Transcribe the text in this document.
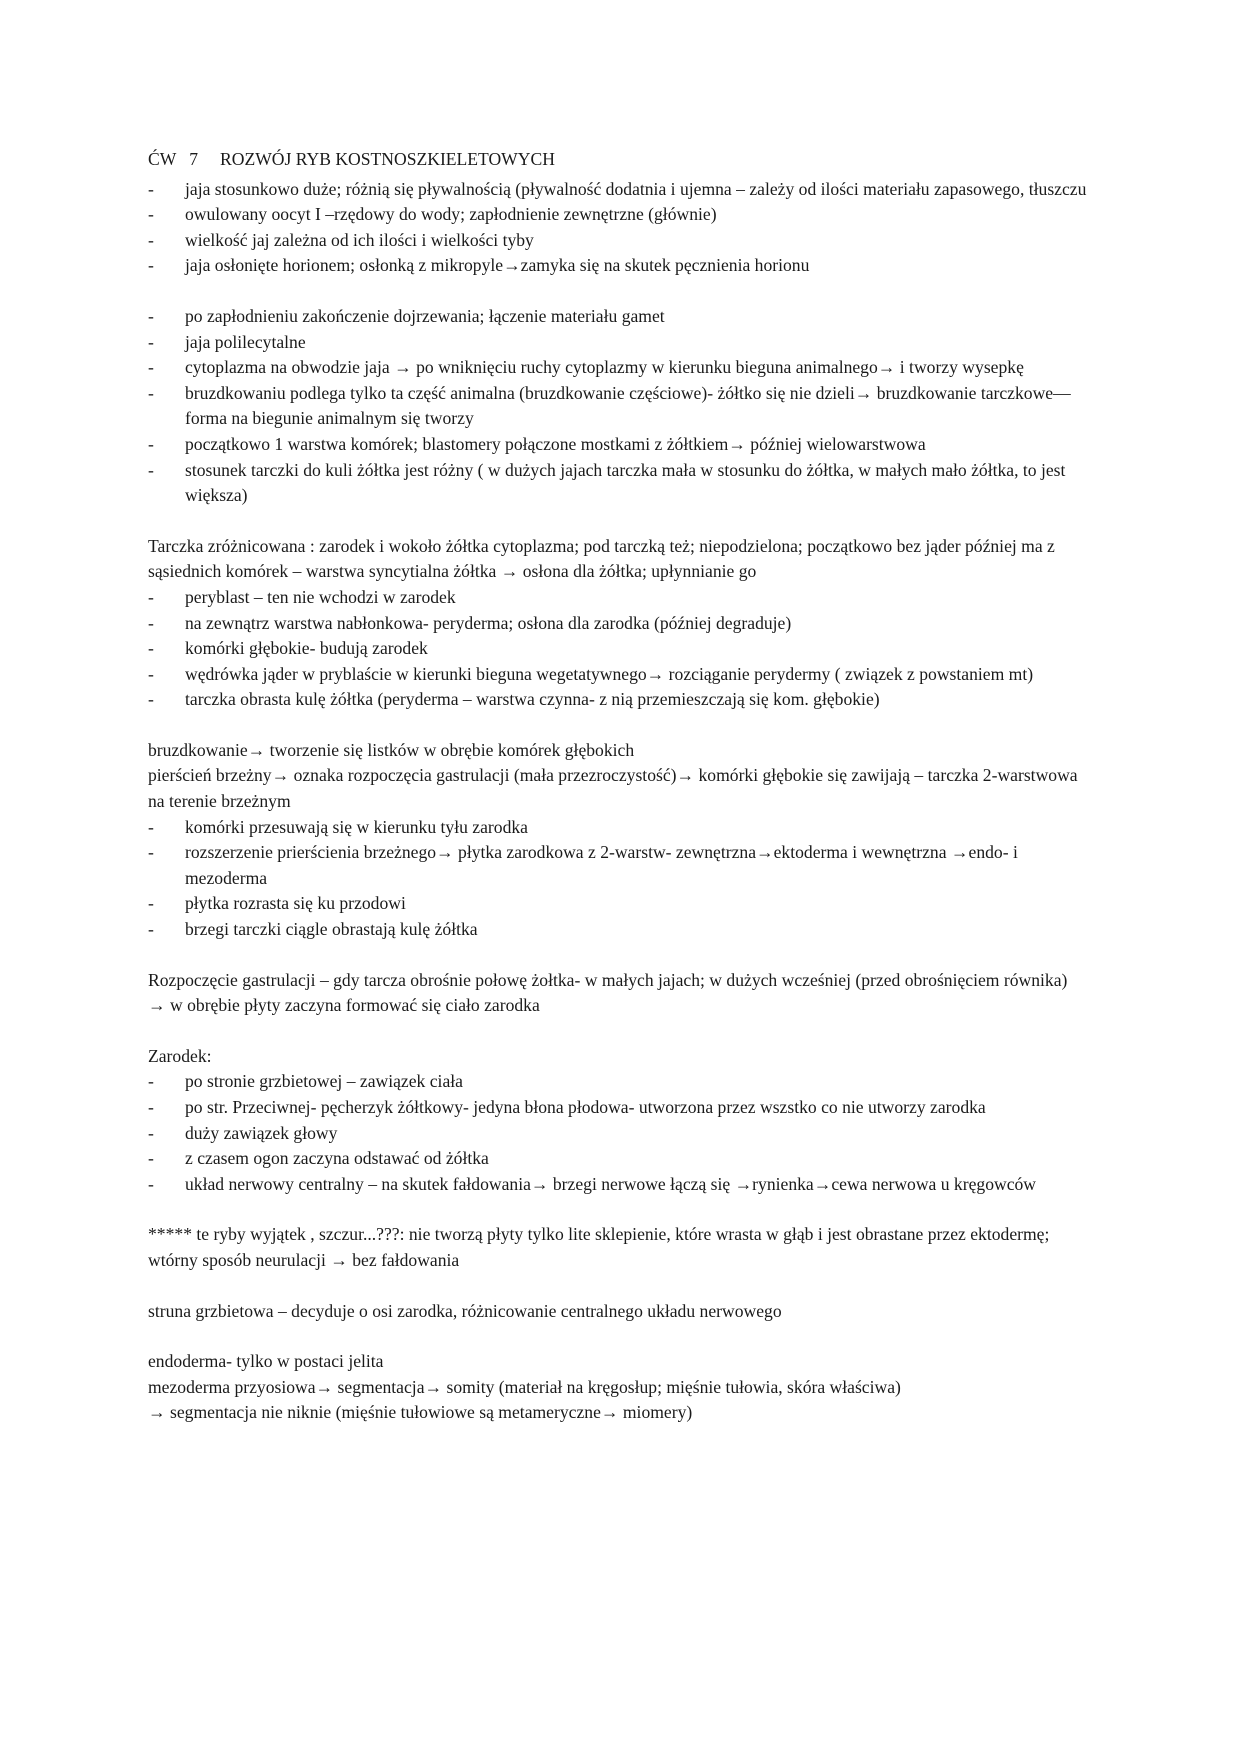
ĆW   7     ROZWÓJ RYB KOSTNOSZKIELETOWYCH
-	jaja stosunkowo duże; różnią się pływalnością (pływalność dodatnia i ujemna – zależy od ilości materiału zapasowego, tłuszczu
-	owulowany oocyt I –rzędowy do wody; zapłodnienie zewnętrzne (głównie)
-	wielkość jaj zależna od ich ilości i wielkości tyby
-	jaja osłonięte horionem; osłonką z mikropyle→zamyka się na skutek pęcznienia horionu
-	po zapłodnieniu zakończenie dojrzewania; łączenie materiału gamet
-	jaja polilecytalne
-	cytoplazma na obwodzie jaja → po wniknięciu ruchy cytoplazmy w kierunku bieguna animalnego→ i tworzy wysepkę
-	bruzdkowaniu podlega tylko ta część animalna (bruzdkowanie częściowe)- żółtko się nie dzieli→ bruzdkowanie tarczkowe—forma na biegunie animalnym się tworzy
-	początkowo 1 warstwa komórek; blastomery połączone mostkami z żółtkiem→ później wielowarstwowa
-	stosunek tarczki do kuli żółtka jest różny ( w dużych jajach tarczka mała w stosunku do żółtka, w małych mało żółtka, to jest większa)

Tarczka zróżnicowana : zarodek i wokoło żółtka cytoplazma; pod tarczką też; niepodzielona; początkowo bez jąder później ma z sąsiednich komórek – warstwa syncytialna żółtka → osłona dla żółtka; upłynnianie go

-	peryblast – ten nie wchodzi w zarodek
-	na zewnątrz warstwa nabłonkowa- peryderma; osłona dla zarodka (później degraduje)
-	komórki głębokie- budują zarodek
-	wędrówka jąder w pryblaście w kierunki bieguna wegetatywnego→ rozciąganie perydermy ( związek z powstaniem mt)
-	tarczka obrasta kulę żółtka (peryderma – warstwa czynna- z nią przemieszczają się kom. głębokie)

bruzdkowanie→ tworzenie się listków w obrębie komórek głębokich

pierścień brzeżny→ oznaka rozpoczęcia gastrulacji (mała przezroczystość)→ komórki głębokie się zawijają – tarczka 2-warstwowa na terenie brzeżnym

-	komórki przesuwają się w kierunku tyłu zarodka
-	rozszerzenie prierścienia brzeżnego→ płytka zarodkowa z 2-warstw- zewnętrzna→ektoderma i wewnętrzna →endo- i mezoderma
-	płytka rozrasta się ku przodowi
-	brzegi tarczki ciągle obrastają kulę żółtka

Rozpoczęcie gastrulacji – gdy tarcza obrośnie połowę żołtka- w małych jajach; w dużych wcześniej (przed obrośnięciem równika)

→ w obrębie płyty zaczyna formować się ciało zarodka

Zarodek:

-	po stronie grzbietowej – zawiązek ciała
-	po str. Przeciwnej- pęcherzyk żółtkowy- jedyna błona płodowa- utworzona przez wszstko co nie utworzy zarodka
-	duży zawiązek głowy
-	z czasem ogon zaczyna odstawać od żółtka
-	układ nerwowy centralny – na skutek fałdowania→ brzegi nerwowe łączą się →rynienka→cewa nerwowa u kręgowców

***** te ryby wyjątek , szczur...???: nie tworzą płyty tylko lite sklepienie, które wrasta w głąb i jest obrastane przez ektodermę; wtórny sposób neurulacji → bez fałdowania

struna grzbietowa – decyduje o osi zarodka, różnicowanie centralnego układu nerwowego

endoderma- tylko w postaci jelita

mezoderma przyosiowa→ segmentacja→ somity (materiał na kręgosłup; mięśnie tułowia, skóra właściwa)

→ segmentacja nie niknie (mięśnie tułowiowe są metameryczne→ miomery)
